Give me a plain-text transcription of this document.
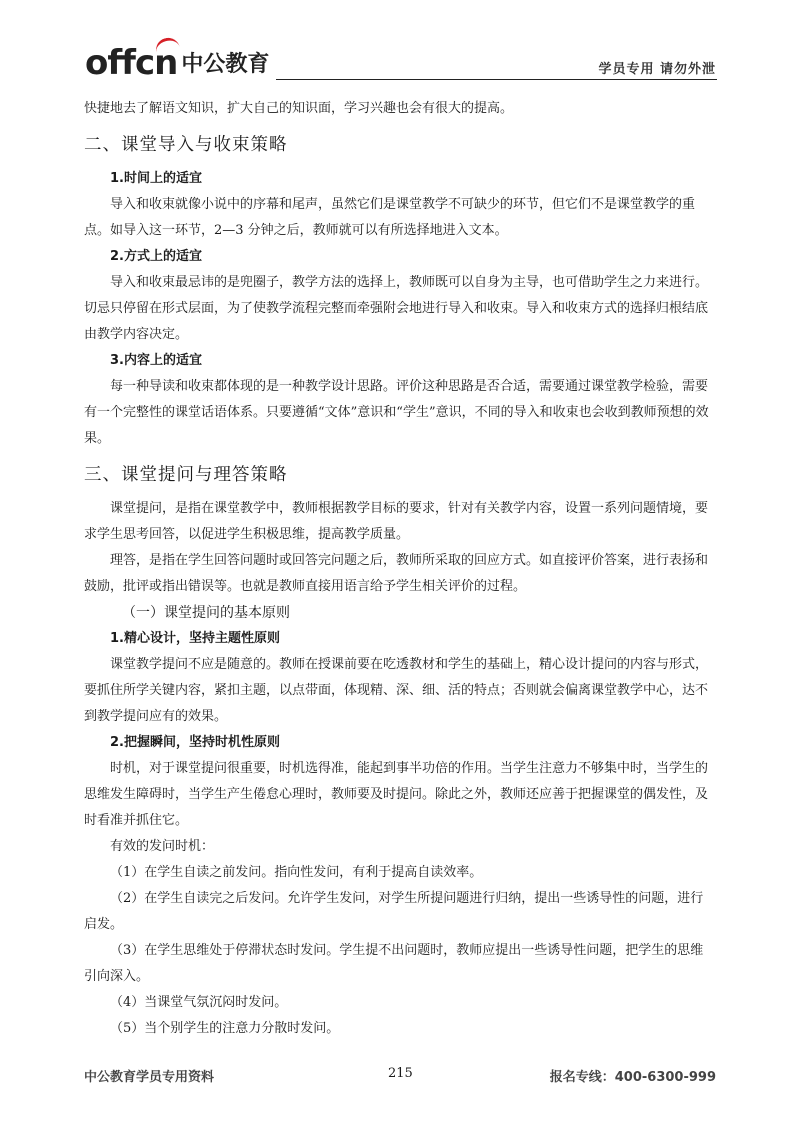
offcn 中公教育	学员专用 请勿外泄

快捷地去了解语文知识，扩大自己的知识面，学习兴趣也会有很大的提高。

二、课堂导入与收束策略
1.时间上的适宜

导入和收束就像小说中的序幕和尾声，虽然它们是课堂教学不可缺少的环节，但它们不是课堂教学的重点。如导入这一环节，2—3 分钟之后，教师就可以有所选择地进入文本。

2.方式上的适宜

导入和收束最忌讳的是兜圈子，教学方法的选择上，教师既可以自身为主导，也可借助学生之力来进行。切忌只停留在形式层面，为了使教学流程完整而牵强附会地进行导入和收束。导入和收束方式的选择归根结底由教学内容决定。

3.内容上的适宜

每一种导读和收束都体现的是一种教学设计思路。评价这种思路是否合适，需要通过课堂教学检验，需要有一个完整性的课堂话语体系。只要遵循“文体”意识和“学生”意识，不同的导入和收束也会收到教师预想的效果。

三、课堂提问与理答策略

课堂提问，是指在课堂教学中，教师根据教学目标的要求，针对有关教学内容，设置一系列问题情境，要求学生思考回答，以促进学生积极思维，提高教学质量。

理答，是指在学生回答问题时或回答完问题之后，教师所采取的回应方式。如直接评价答案，进行表扬和鼓励，批评或指出错误等。也就是教师直接用语言给予学生相关评价的过程。

（一）课堂提问的基本原则
1.精心设计，坚持主题性原则

课堂教学提问不应是随意的。教师在授课前要在吃透教材和学生的基础上，精心设计提问的内容与形式，要抓住所学关键内容，紧扣主题，以点带面，体现精、深、细、活的特点；否则就会偏离课堂教学中心，达不到教学提问应有的效果。

2.把握瞬间，坚持时机性原则

时机，对于课堂提问很重要，时机选得准，能起到事半功倍的作用。当学生注意力不够集中时，当学生的思维发生障碍时，当学生产生倦怠心理时，教师要及时提问。除此之外，教师还应善于把握课堂的偶发性，及时看准并抓住它。

有效的发问时机：

（1）在学生自读之前发问。指向性发问，有利于提高自读效率。

（2）在学生自读完之后发问。允许学生发问，对学生所提问题进行归纳，提出一些诱导性的问题，进行启发。

（3）在学生思维处于停滞状态时发问。学生提不出问题时，教师应提出一些诱导性问题，把学生的思维引向深入。

（4）当课堂气氛沉闷时发问。

（5）当个别学生的注意力分散时发问。

中公教育学员专用资料	215	报名专线：400-6300-999
